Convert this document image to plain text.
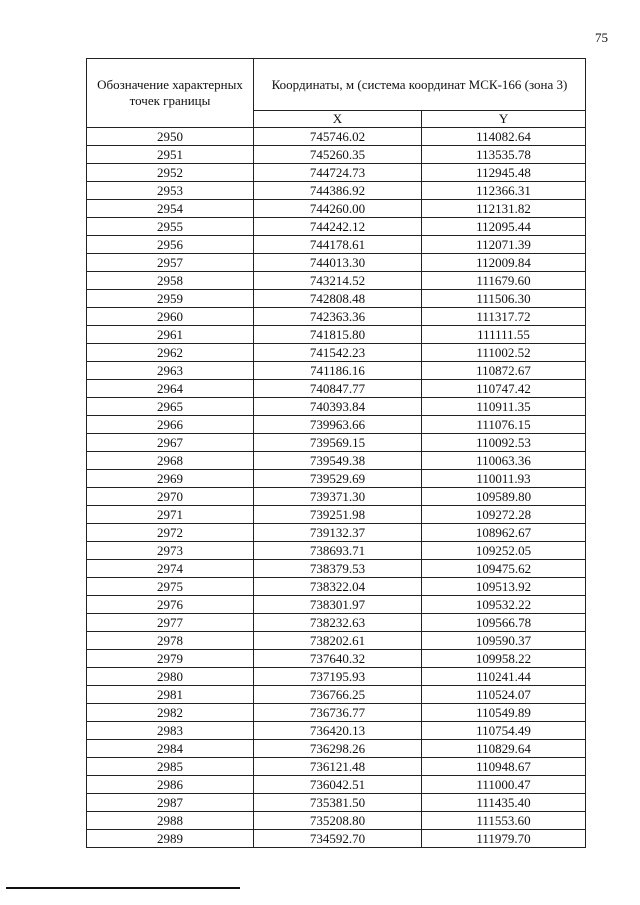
75
Обозначение характерных точек границы	Координаты, м (система координат МСК-166 (зона 3)	
	X	Y
2950	745746.02	114082.64
2951	745260.35	113535.78
2952	744724.73	112945.48
2953	744386.92	112366.31
2954	744260.00	112131.82
2955	744242.12	112095.44
2956	744178.61	112071.39
2957	744013.30	112009.84
2958	743214.52	111679.60
2959	742808.48	111506.30
2960	742363.36	111317.72
2961	741815.80	111111.55
2962	741542.23	111002.52
2963	741186.16	110872.67
2964	740847.77	110747.42
2965	740393.84	110911.35
2966	739963.66	111076.15
2967	739569.15	110092.53
2968	739549.38	110063.36
2969	739529.69	110011.93
2970	739371.30	109589.80
2971	739251.98	109272.28
2972	739132.37	108962.67
2973	738693.71	109252.05
2974	738379.53	109475.62
2975	738322.04	109513.92
2976	738301.97	109532.22
2977	738232.63	109566.78
2978	738202.61	109590.37
2979	737640.32	109958.22
2980	737195.93	110241.44
2981	736766.25	110524.07
2982	736736.77	110549.89
2983	736420.13	110754.49
2984	736298.26	110829.64
2985	736121.48	110948.67
2986	736042.51	111000.47
2987	735381.50	111435.40
2988	735208.80	111553.60
2989	734592.70	111979.70
